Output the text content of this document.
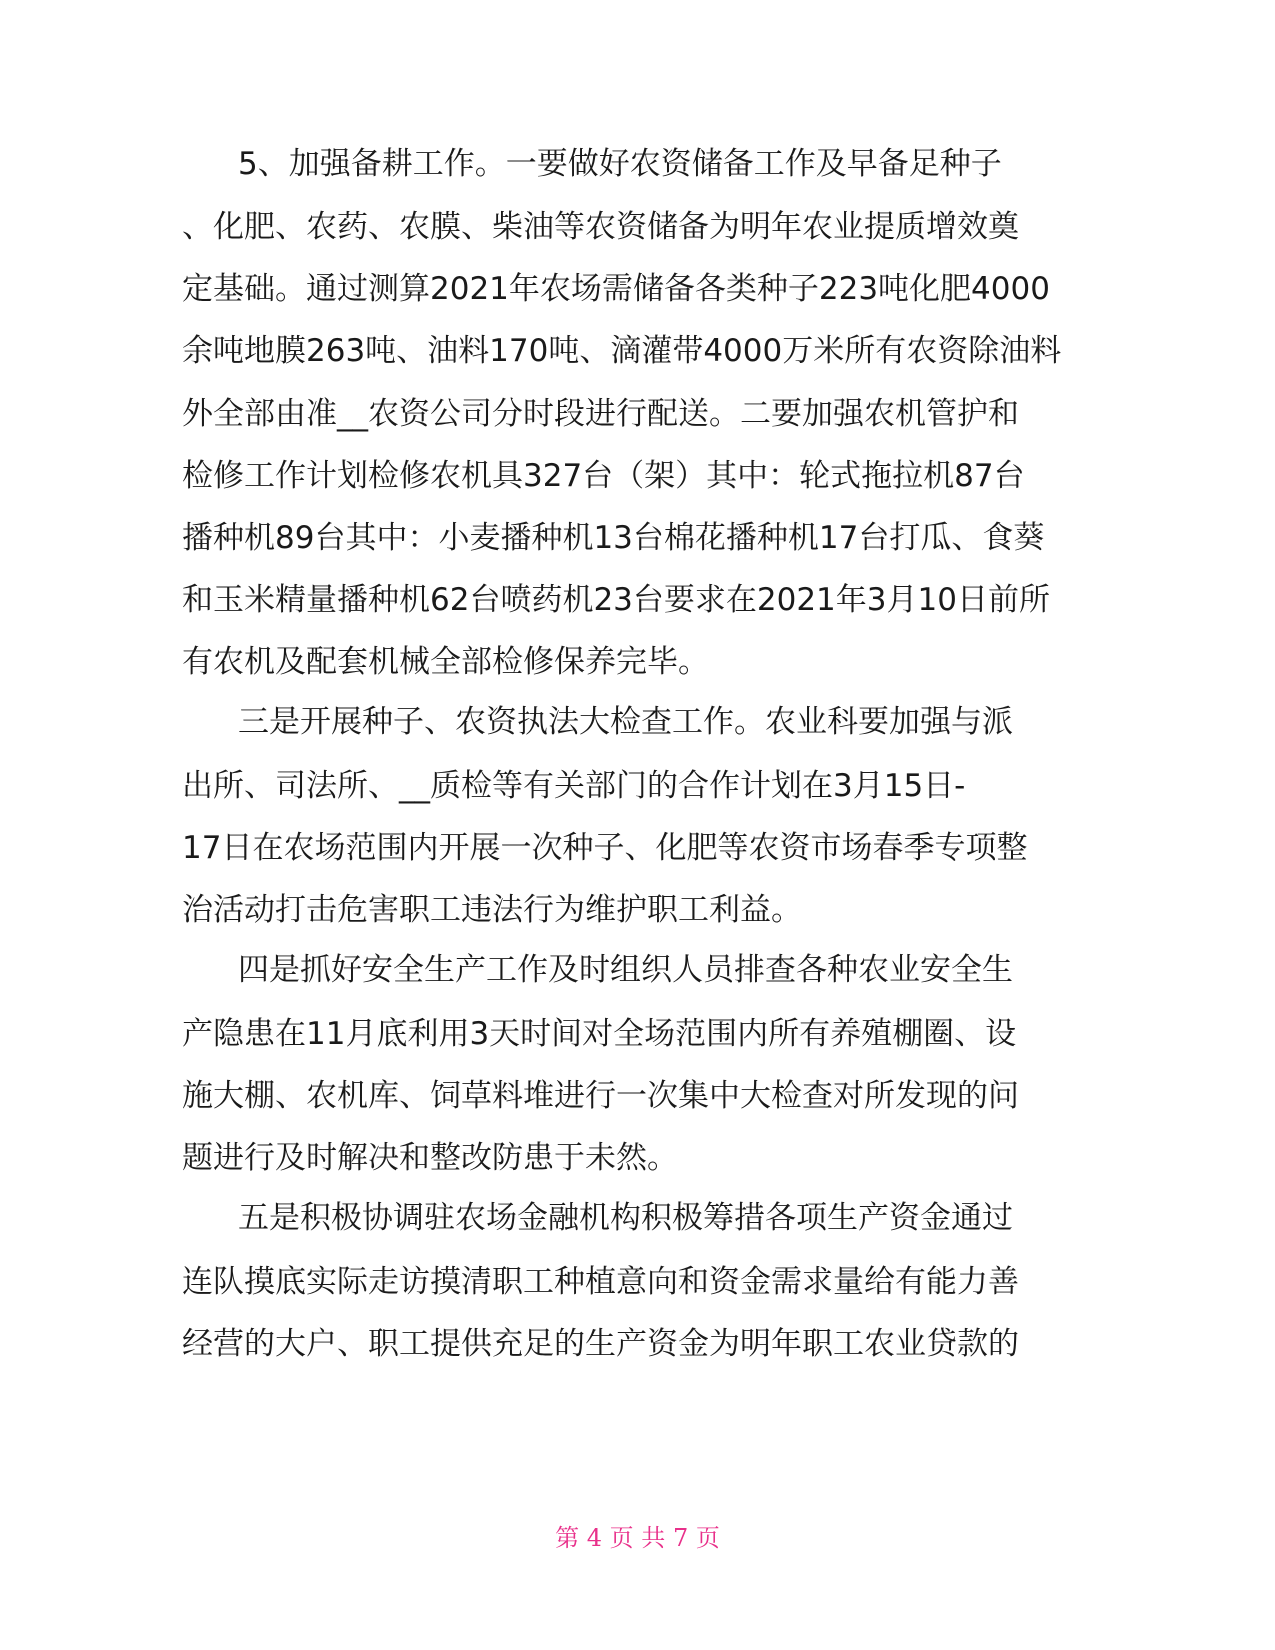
5、加强备耕工作。一要做好农资储备工作及早备足种子
、化肥、农药、农膜、柴油等农资储备为明年农业提质增效奠
定基础。通过测算2021年农场需储备各类种子223吨化肥4000
余吨地膜263吨、油料170吨、滴灌带4000万米所有农资除油料
外全部由准__农资公司分时段进行配送。二要加强农机管护和
检修工作计划检修农机具327台（架）其中：轮式拖拉机87台
播种机89台其中：小麦播种机13台棉花播种机17台打瓜、食葵
和玉米精量播种机62台喷药机23台要求在2021年3月10日前所
有农机及配套机械全部检修保养完毕。
三是开展种子、农资执法大检查工作。农业科要加强与派
出所、司法所、__质检等有关部门的合作计划在3月15日-
17日在农场范围内开展一次种子、化肥等农资市场春季专项整
治活动打击危害职工违法行为维护职工利益。
四是抓好安全生产工作及时组织人员排查各种农业安全生
产隐患在11月底利用3天时间对全场范围内所有养殖棚圈、设
施大棚、农机库、饲草料堆进行一次集中大检查对所发现的问
题进行及时解决和整改防患于未然。
五是积极协调驻农场金融机构积极筹措各项生产资金通过
连队摸底实际走访摸清职工种植意向和资金需求量给有能力善
经营的大户、职工提供充足的生产资金为明年职工农业贷款的
第 4 页 共 7 页
